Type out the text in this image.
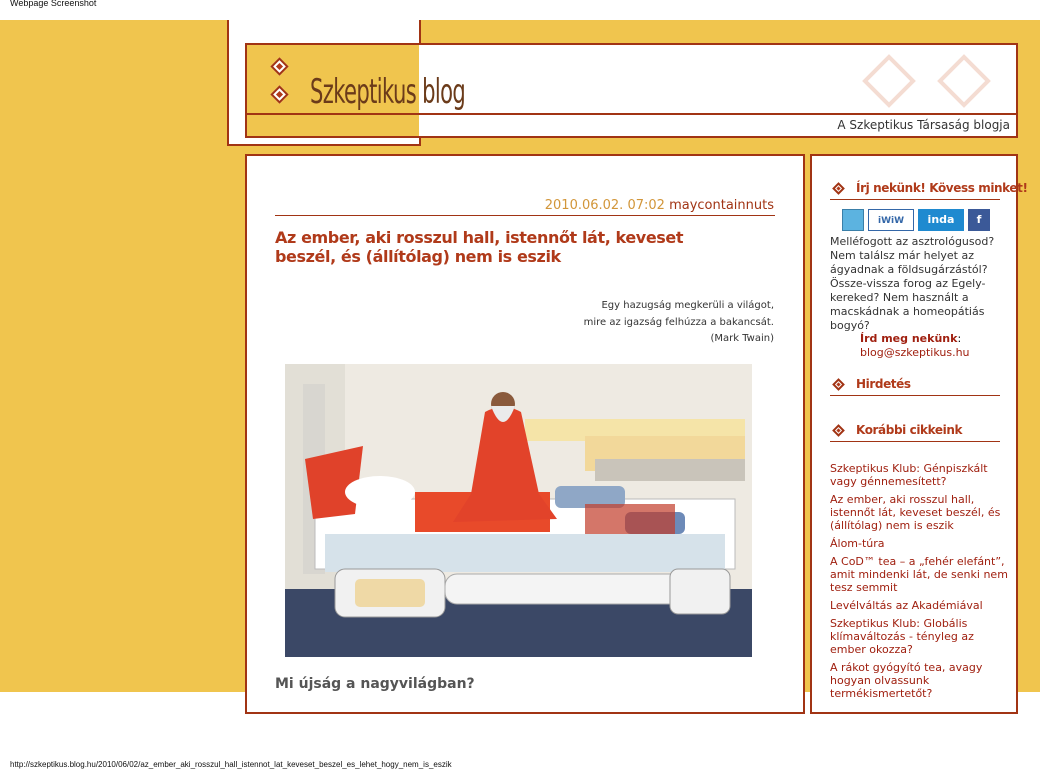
Webpage Screenshot
Szkeptikus blog
A Szkeptikus Társaság blogja
2010.06.02. 07:02 maycontainnuts
Az ember, aki rosszul hall, istennőt lát, keveset beszél, és (állítólag) nem is eszik
Egy hazugság megkerüli a világot,
mire az igazság felhúzza a bakancsát.
(Mark Twain)
Mi újság a nagyvilágban?
Írj nekünk! Kövess minket!
iWiW	inda	f
Melléfogott az asztrológusod? Nem találsz már helyet az ágyadnak a földsugárzástól? Össze-vissza forog az Egely-kereked? Nem használt a macskádnak a homeopátiás bogyó?
Írd meg nekünk:
blog@szkeptikus.hu
Hirdetés
Korábbi cikkeink
Szkeptikus Klub: Génpiszkált vagy génnemesített?
Az ember, aki rosszul hall, istennőt lát, keveset beszél, és (állítólag) nem is eszik
Álom-túra
A CoD™ tea – a „fehér elefánt”, amit mindenki lát, de senki nem tesz semmit
Levélváltás az Akadémiával
Szkeptikus Klub: Globális klímaváltozás - tényleg az ember okozza?
A rákot gyógyító tea, avagy hogyan olvassunk termékismertetőt?
http://szkeptikus.blog.hu/2010/06/02/az_ember_aki_rosszul_hall_istennot_lat_keveset_beszel_es_lehet_hogy_nem_is_eszik
